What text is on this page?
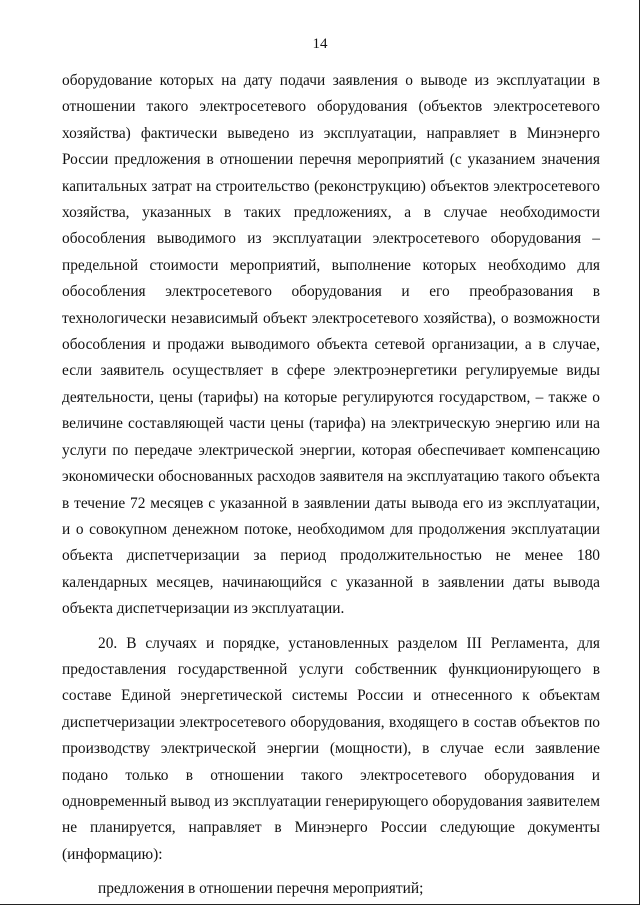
14

оборудование которых на дату подачи заявления о выводе из эксплуатации в отношении такого электросетевого оборудования (объектов электросетевого хозяйства) фактически выведено из эксплуатации, направляет в Минэнерго России предложения в отношении перечня мероприятий (с указанием значения капитальных затрат на строительство (реконструкцию) объектов электросетевого хозяйства, указанных в таких предложениях, а в случае необходимости обособления выводимого из эксплуатации электросетевого оборудования – предельной стоимости мероприятий, выполнение которых необходимо для обособления электросетевого оборудования и его преобразования в технологически независимый объект электросетевого хозяйства), о возможности обособления и продажи выводимого объекта сетевой организации, а в случае, если заявитель осуществляет в сфере электроэнергетики регулируемые виды деятельности, цены (тарифы) на которые регулируются государством, – также о величине составляющей части цены (тарифа) на электрическую энергию или на услуги по передаче электрической энергии, которая обеспечивает компенсацию экономически обоснованных расходов заявителя на эксплуатацию такого объекта в течение 72 месяцев с указанной в заявлении даты вывода его из эксплуатации, и о совокупном денежном потоке, необходимом для продолжения эксплуатации объекта диспетчеризации за период продолжительностью не менее 180 календарных месяцев, начинающийся с указанной в заявлении даты вывода объекта диспетчеризации из эксплуатации.

20. В случаях и порядке, установленных разделом III Регламента, для предоставления государственной услуги собственник функционирующего в составе Единой энергетической системы России и отнесенного к объектам диспетчеризации электросетевого оборудования, входящего в состав объектов по производству электрической энергии (мощности), в случае если заявление подано только в отношении такого электросетевого оборудования и одновременный вывод из эксплуатации генерирующего оборудования заявителем не планируется, направляет в Минэнерго России следующие документы (информацию):

предложения в отношении перечня мероприятий;
